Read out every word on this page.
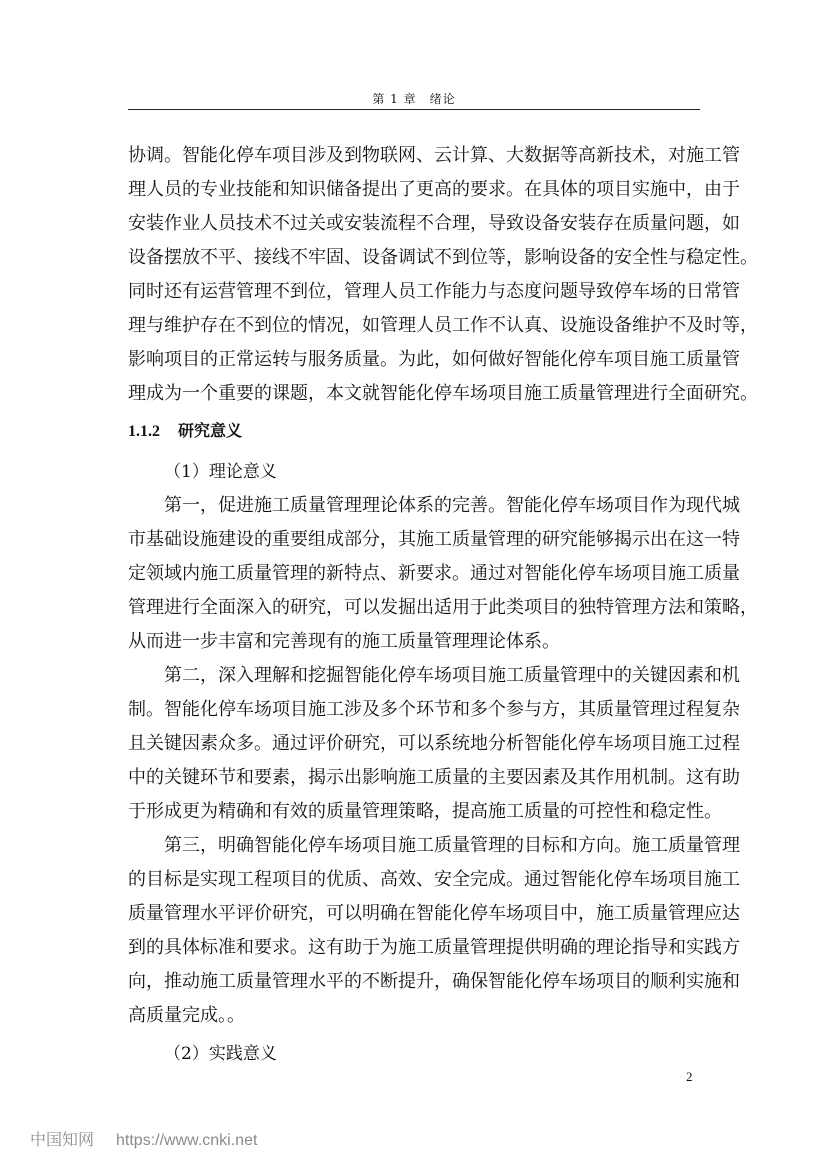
第 1 章　绪论
协调。智能化停车项目涉及到物联网、云计算、大数据等高新技术，对施工管
理人员的专业技能和知识储备提出了更高的要求。在具体的项目实施中，由于
安装作业人员技术不过关或安装流程不合理，导致设备安装存在质量问题，如
设备摆放不平、接线不牢固、设备调试不到位等，影响设备的安全性与稳定性。
同时还有运营管理不到位，管理人员工作能力与态度问题导致停车场的日常管
理与维护存在不到位的情况，如管理人员工作不认真、设施设备维护不及时等，
影响项目的正常运转与服务质量。为此，如何做好智能化停车项目施工质量管
理成为一个重要的课题，本文就智能化停车场项目施工质量管理进行全面研究。
1.1.2 研究意义
（1）理论意义
第一，促进施工质量管理理论体系的完善。智能化停车场项目作为现代城
市基础设施建设的重要组成部分，其施工质量管理的研究能够揭示出在这一特
定领域内施工质量管理的新特点、新要求。通过对智能化停车场项目施工质量
管理进行全面深入的研究，可以发掘出适用于此类项目的独特管理方法和策略，
从而进一步丰富和完善现有的施工质量管理理论体系。
第二，深入理解和挖掘智能化停车场项目施工质量管理中的关键因素和机
制。智能化停车场项目施工涉及多个环节和多个参与方，其质量管理过程复杂
且关键因素众多。通过评价研究，可以系统地分析智能化停车场项目施工过程
中的关键环节和要素，揭示出影响施工质量的主要因素及其作用机制。这有助
于形成更为精确和有效的质量管理策略，提高施工质量的可控性和稳定性。
第三，明确智能化停车场项目施工质量管理的目标和方向。施工质量管理
的目标是实现工程项目的优质、高效、安全完成。通过智能化停车场项目施工
质量管理水平评价研究，可以明确在智能化停车场项目中，施工质量管理应达
到的具体标准和要求。这有助于为施工质量管理提供明确的理论指导和实践方
向，推动施工质量管理水平的不断提升，确保智能化停车场项目的顺利实施和
高质量完成。。
（2）实践意义
2
中国知网 https://www.cnki.net
